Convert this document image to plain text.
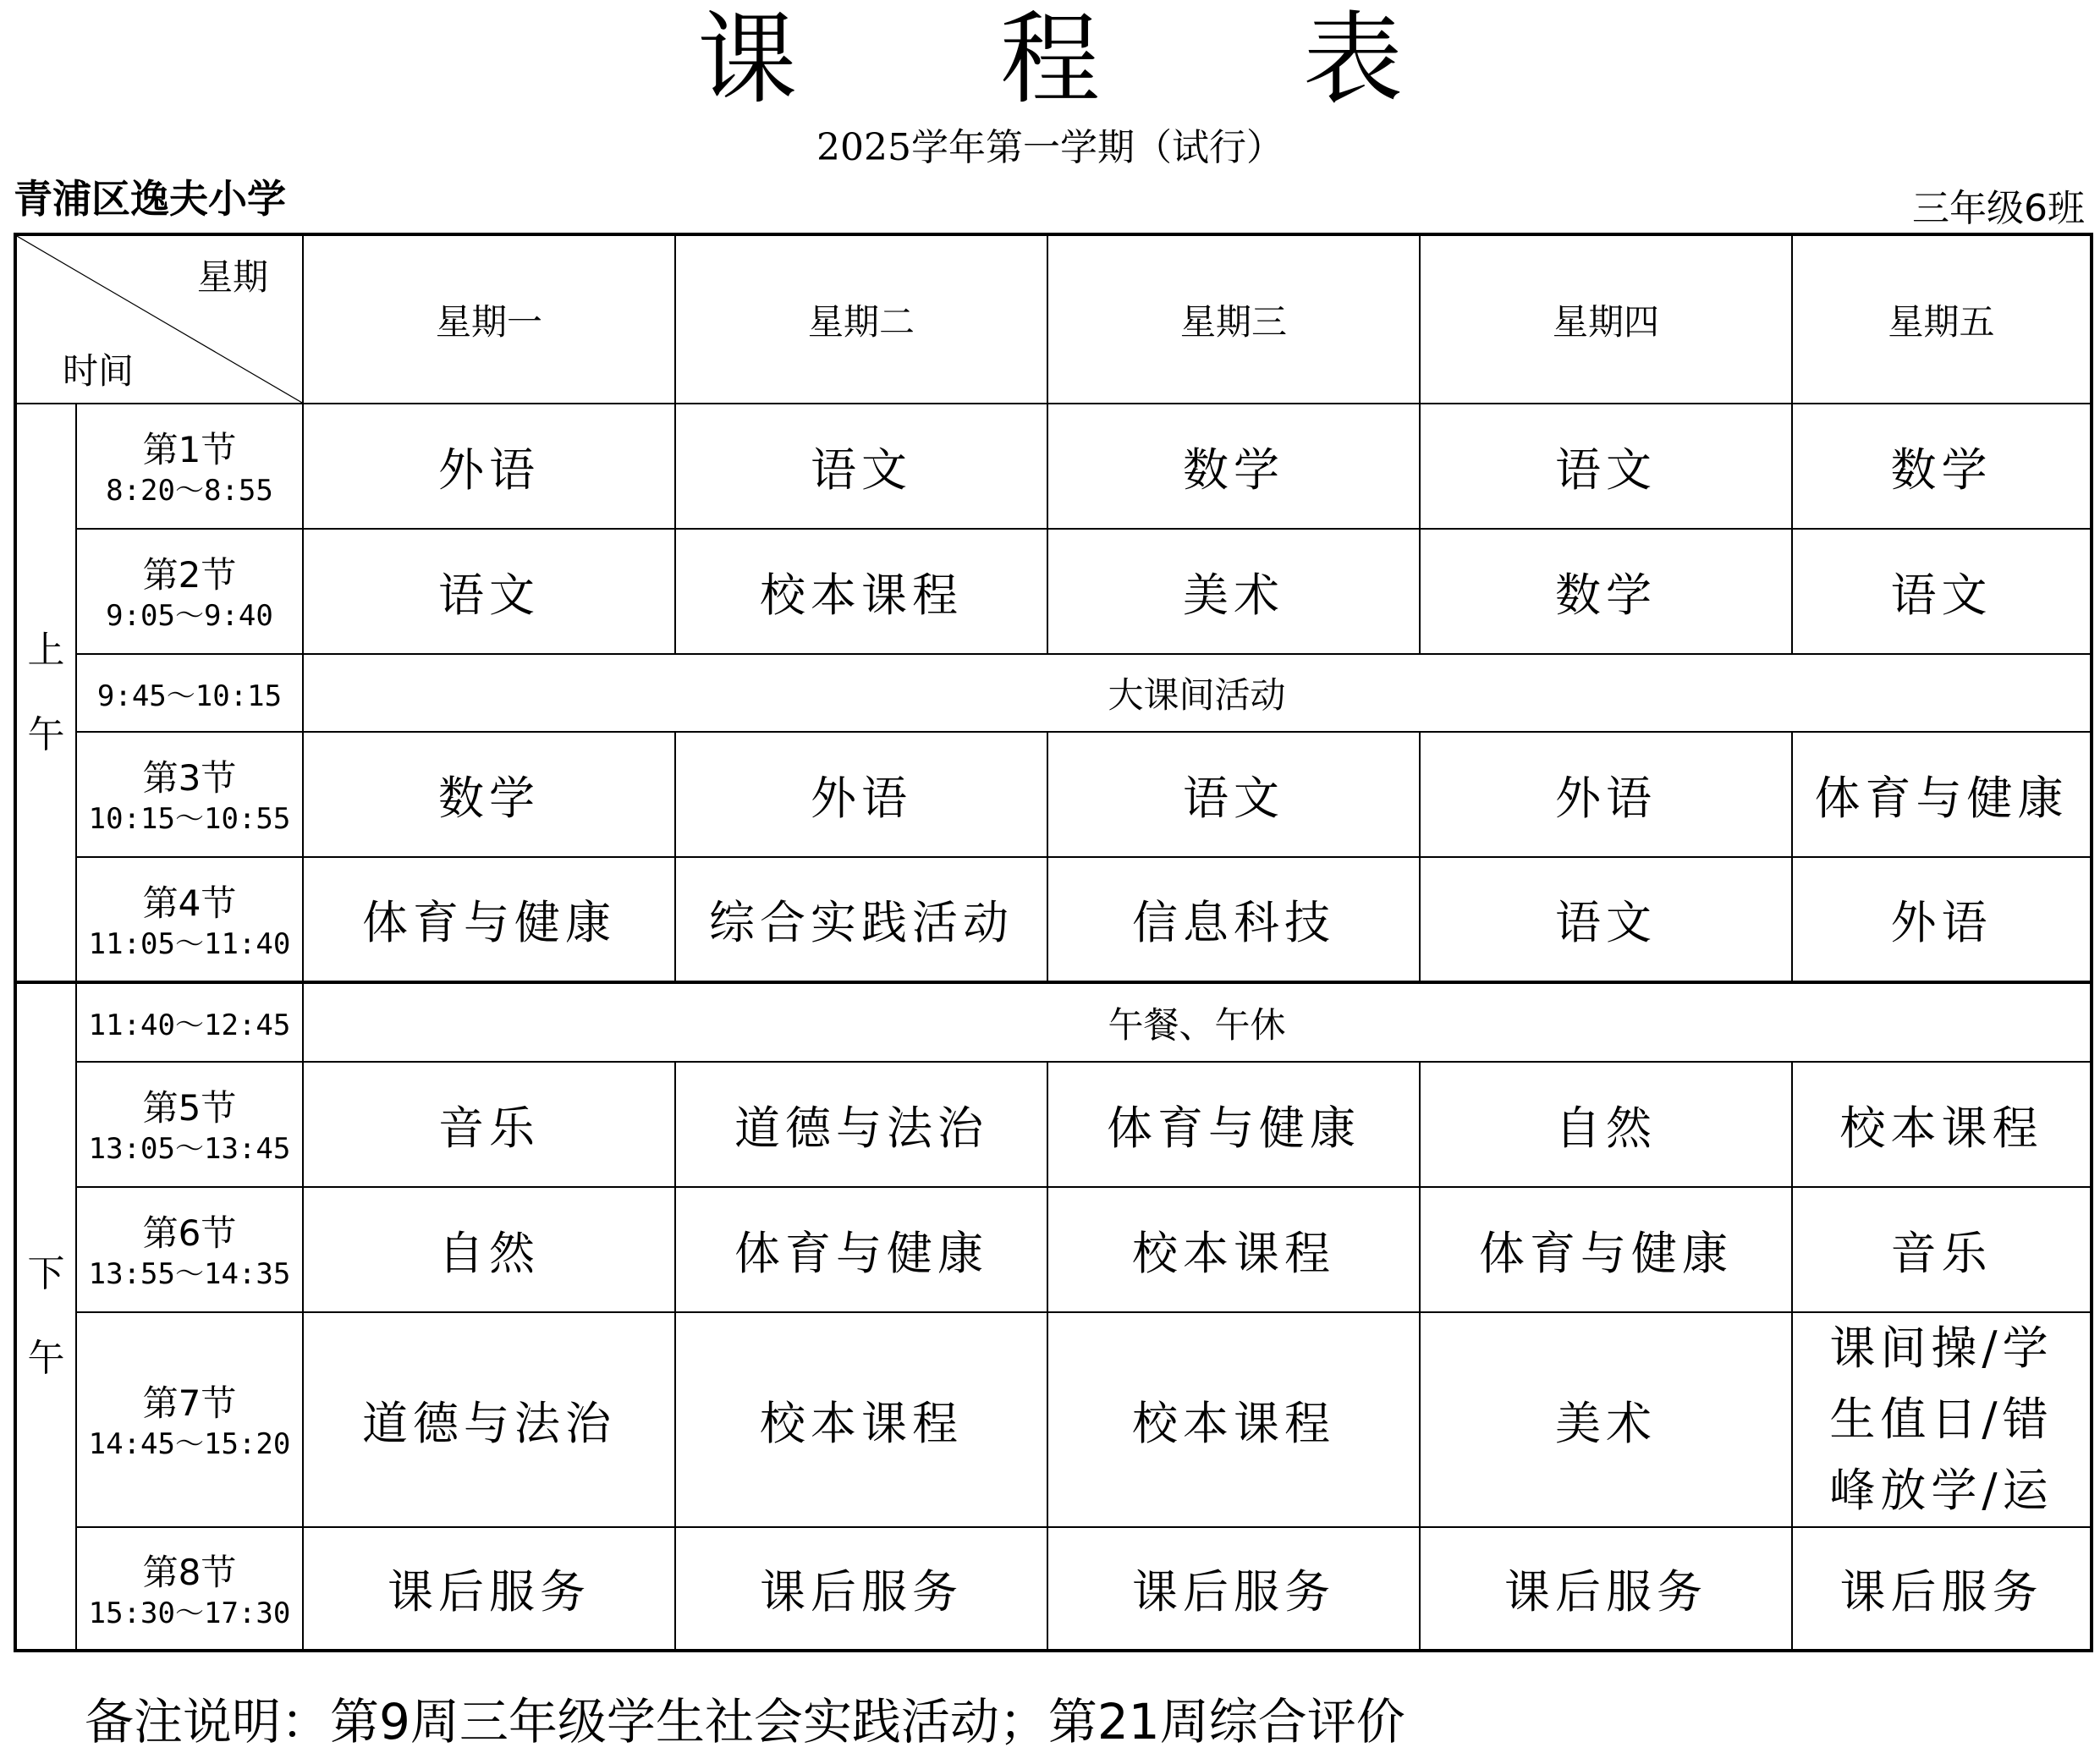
课程表
2025学年第一学期（试行）
青浦区逸夫小学	三年级6班
星期
时间		星期一	星期二	星期三	星期四	星期五

上
午	第1节
8:20～8:55	外语	语文	数学	语文	数学

	第2节
9:05～9:40	语文	校本课程	美术	数学	语文
	9:45～10:15	大课间活动				

	第3节
10:15～10:55	数学	外语	语文	外语	体育与健康

	第4节
11:05～11:40	体育与健康	综合实践活动	信息科技	语文	外语

下
午	11:40～12:45	午餐、午休				

	第5节
13:05～13:45	音乐	道德与法治	体育与健康	自然	校本课程

	第6节
13:55～14:35	自然	体育与健康	校本课程	体育与健康	音乐

	第7节
14:45～15:20	道德与法治	校本课程	校本课程	美术	课间操/学
生值日/错
峰放学/运

	第8节
15:30～17:30	课后服务	课后服务	课后服务	课后服务	课后服务
备注说明：第9周三年级学生社会实践活动；第21周综合评价
